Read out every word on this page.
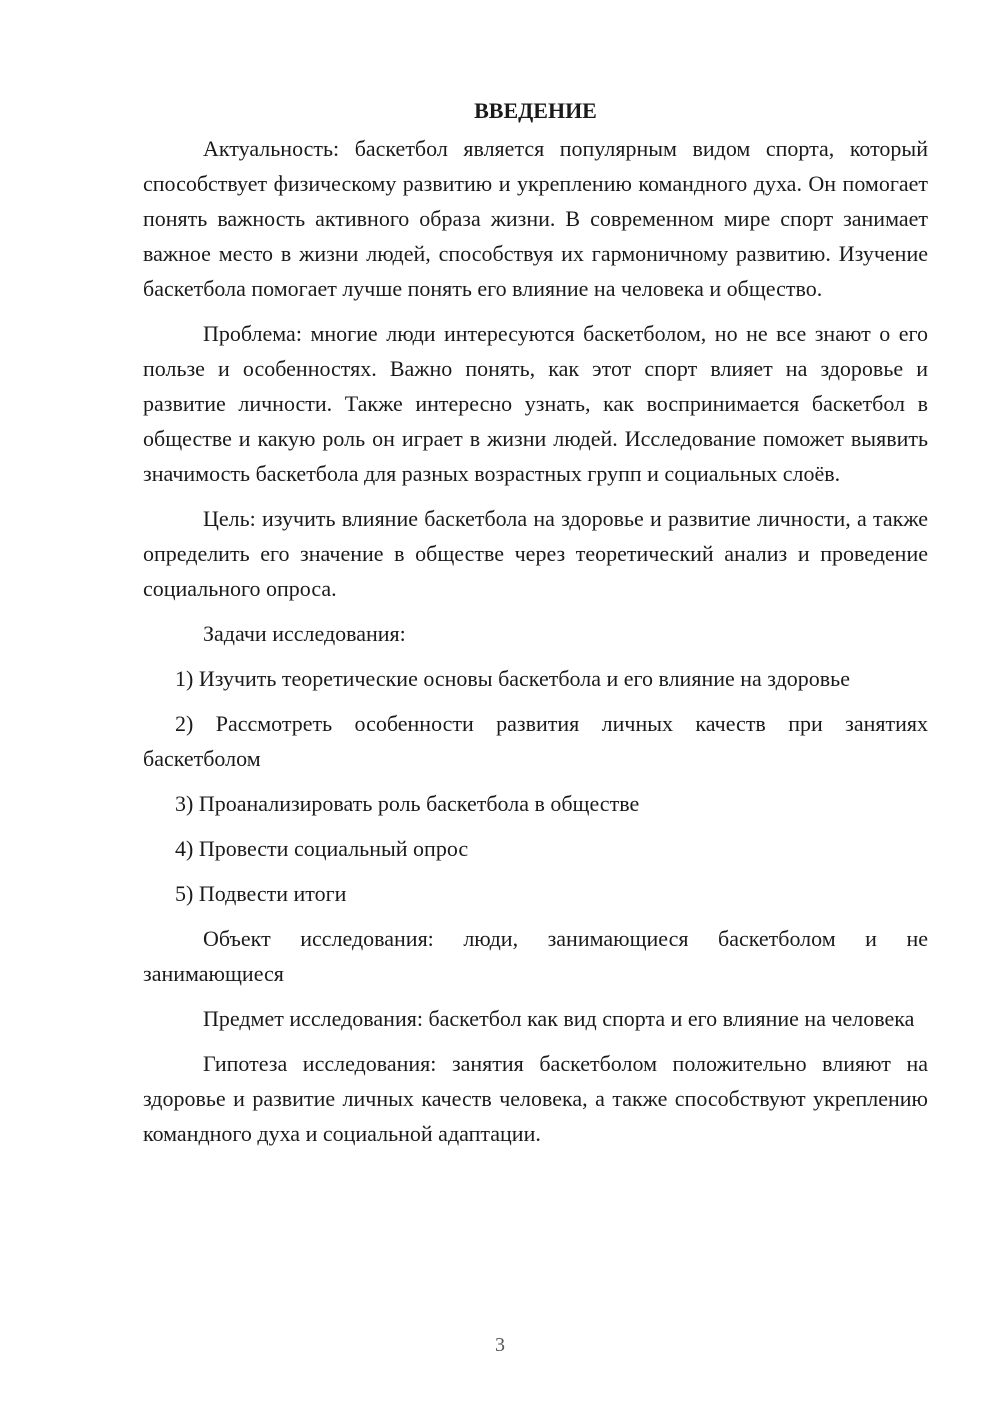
ВВЕДЕНИЕ

Актуальность: баскетбол является популярным видом спорта, который способствует физическому развитию и укреплению командного духа. Он помогает понять важность активного образа жизни. В современном мире спорт занимает важное место в жизни людей, способствуя их гармоничному развитию. Изучение баскетбола помогает лучше понять его влияние на человека и общество.

Проблема: многие люди интересуются баскетболом, но не все знают о его пользе и особенностях. Важно понять, как этот спорт влияет на здоровье и развитие личности. Также интересно узнать, как воспринимается баскетбол в обществе и какую роль он играет в жизни людей. Исследование поможет выявить значимость баскетбола для разных возрастных групп и социальных слоёв.

Цель: изучить влияние баскетбола на здоровье и развитие личности, а также определить его значение в обществе через теоретический анализ и проведение социального опроса.

Задачи исследования:

1) Изучить теоретические основы баскетбола и его влияние на здоровье

2) Рассмотреть особенности развития личных качеств при занятиях баскетболом

3) Проанализировать роль баскетбола в обществе

4) Провести социальный опрос

5) Подвести итоги

Объект исследования: люди, занимающиеся баскетболом и не занимающиеся

Предмет исследования: баскетбол как вид спорта и его влияние на человека

Гипотеза исследования: занятия баскетболом положительно влияют на здоровье и развитие личных качеств человека, а также способствуют укреплению командного духа и социальной адаптации.

3
